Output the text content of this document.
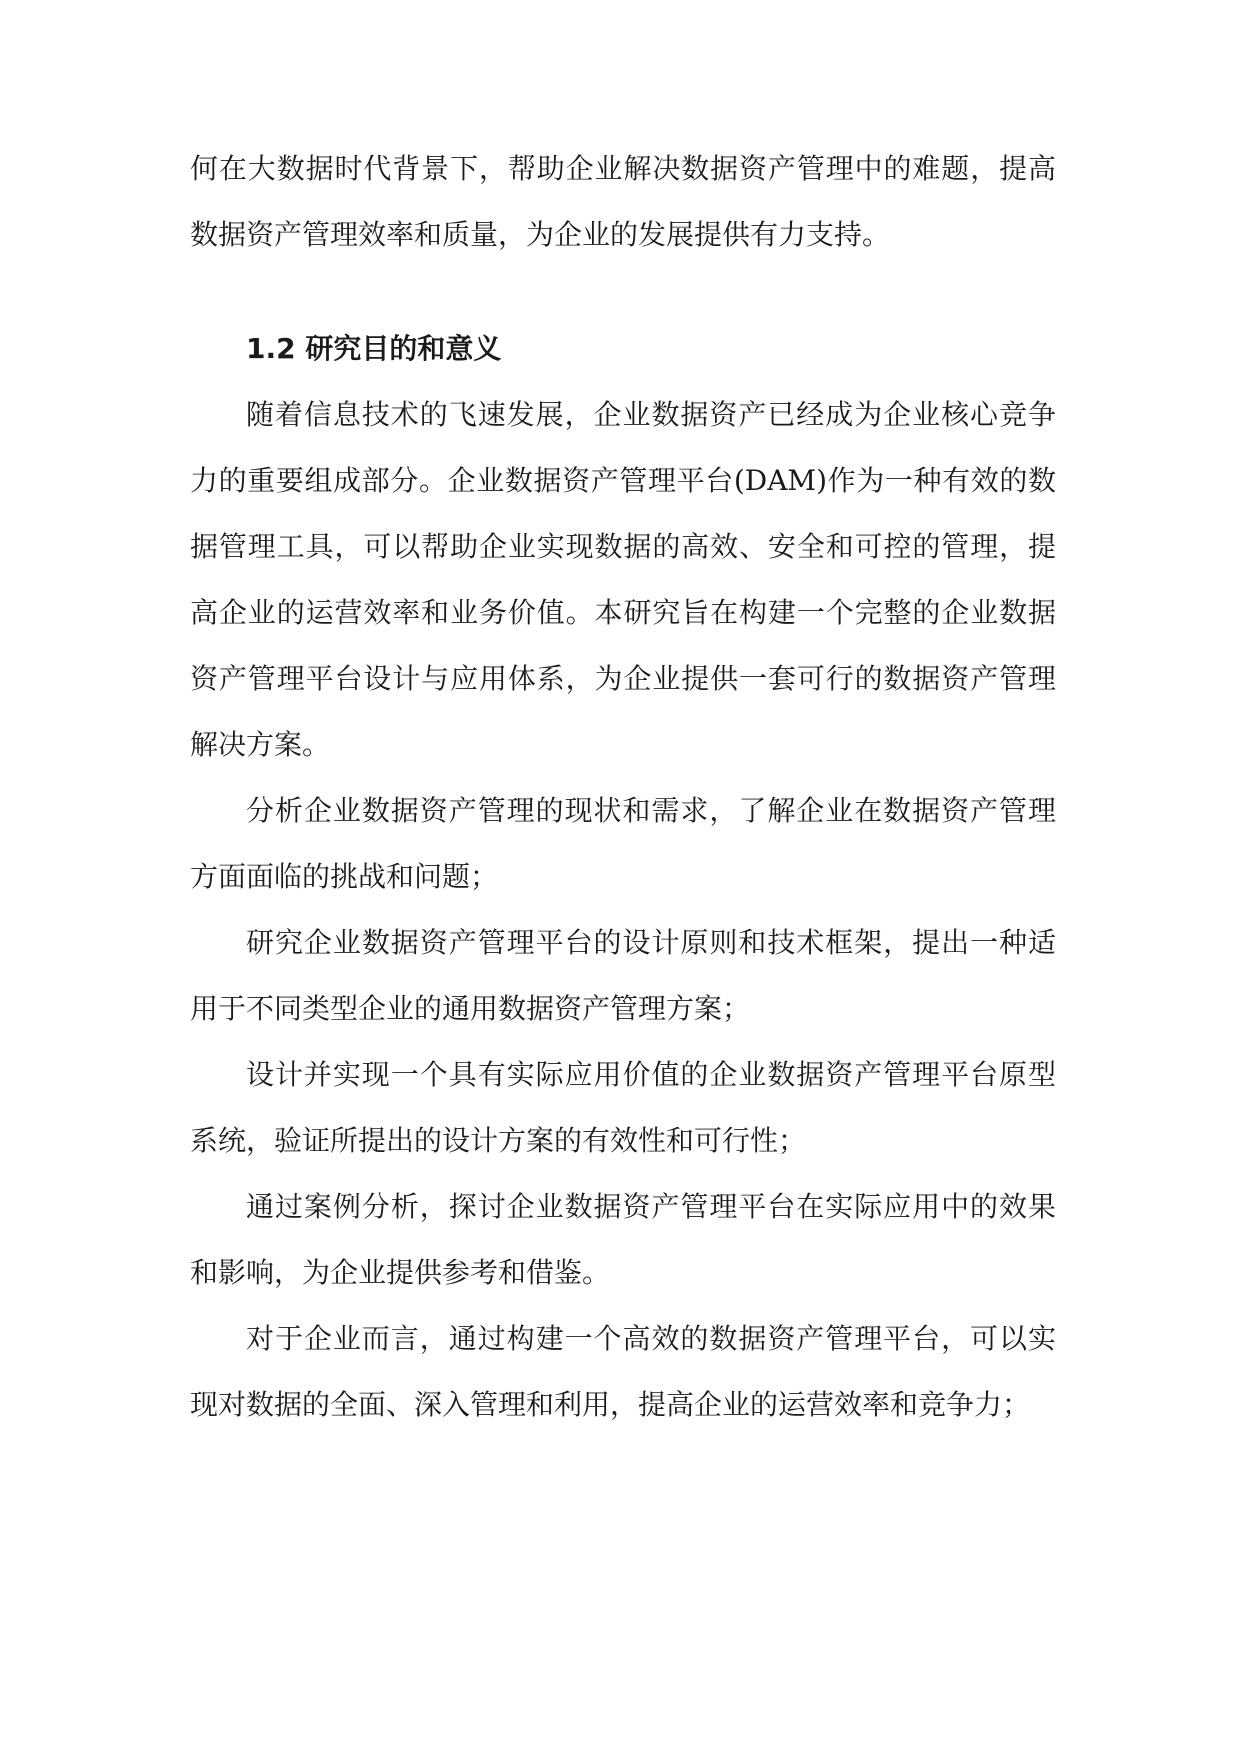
何在大数据时代背景下，帮助企业解决数据资产管理中的难题，提高数据资产管理效率和质量，为企业的发展提供有力支持。

1.2 研究目的和意义

随着信息技术的飞速发展，企业数据资产已经成为企业核心竞争力的重要组成部分。企业数据资产管理平台(DAM)作为一种有效的数据管理工具，可以帮助企业实现数据的高效、安全和可控的管理，提高企业的运营效率和业务价值。本研究旨在构建一个完整的企业数据资产管理平台设计与应用体系，为企业提供一套可行的数据资产管理解决方案。

分析企业数据资产管理的现状和需求，了解企业在数据资产管理方面面临的挑战和问题；

研究企业数据资产管理平台的设计原则和技术框架，提出一种适用于不同类型企业的通用数据资产管理方案；

设计并实现一个具有实际应用价值的企业数据资产管理平台原型系统，验证所提出的设计方案的有效性和可行性；

通过案例分析，探讨企业数据资产管理平台在实际应用中的效果和影响，为企业提供参考和借鉴。

对于企业而言，通过构建一个高效的数据资产管理平台，可以实现对数据的全面、深入管理和利用，提高企业的运营效率和竞争力；
